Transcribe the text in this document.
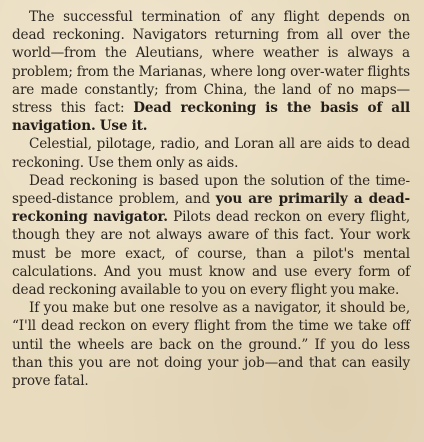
The successful termination of any flight depends on dead reckoning. Navigators returning from all over the world—from the Aleutians, where weather is always a problem; from the Marianas, where long over-water flights are made constantly; from China, the land of no maps—stress this fact: Dead reckoning is the basis of all navigation. Use it.

Celestial, pilotage, radio, and Loran all are aids to dead reckoning. Use them only as aids.

Dead reckoning is based upon the solution of the time-speed-distance problem, and you are primarily a dead-reckoning navigator. Pilots dead reckon on every flight, though they are not always aware of this fact. Your work must be more exact, of course, than a pilot's mental calculations. And you must know and use every form of dead reckoning available to you on every flight you make.

If you make but one resolve as a navigator, it should be, “I'll dead reckon on every flight from the time we take off until the wheels are back on the ground.” If you do less than this you are not doing your job—and that can easily prove fatal.
